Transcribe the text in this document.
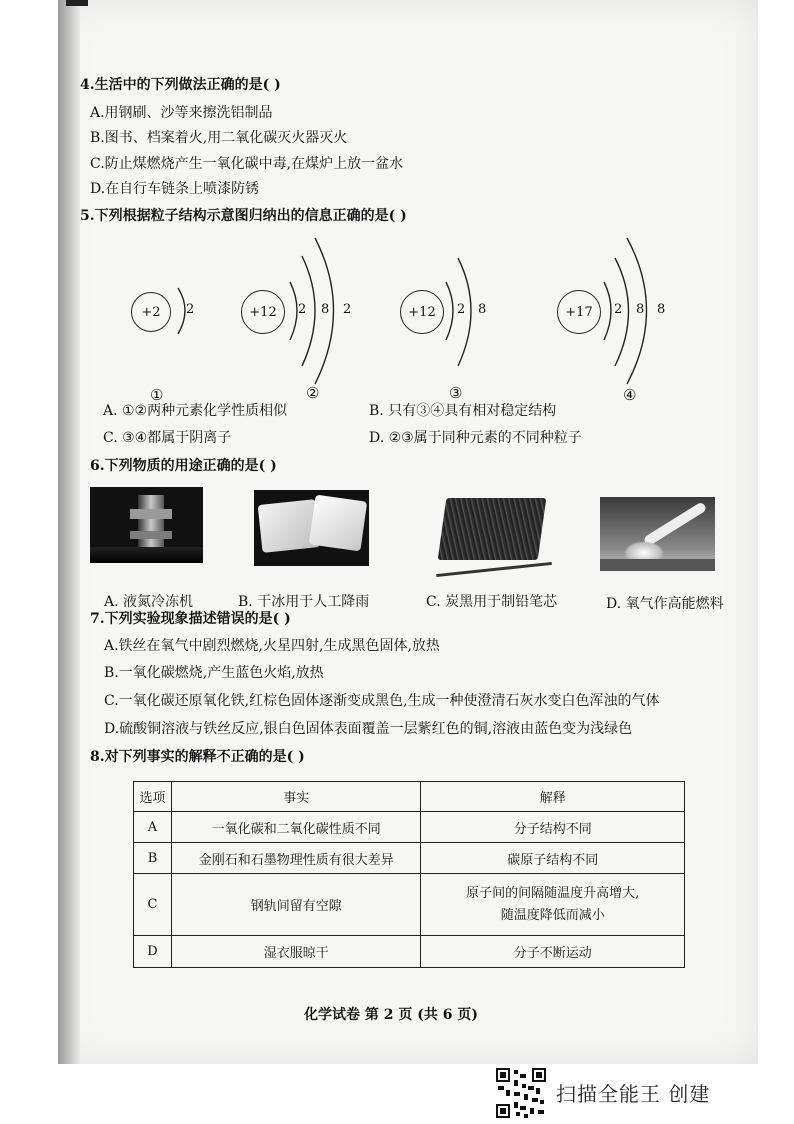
4.生活中的下列做法正确的是( )
A.用钢刷、沙等来擦洗铝制品
B.图书、档案着火,用二氧化碳灭火器灭火
C.防止煤燃烧产生一氧化碳中毒,在煤炉上放一盆水
D.在自行车链条上喷漆防锈
5.下列根据粒子结构示意图归纳出的信息正确的是( )
+2	2
①
+12	2 8 2
②
+12	2 8
③
+17	2 8 8
④
A. ①②两种元素化学性质相似	B. 只有③④具有相对稳定结构
C. ③④都属于阴离子	D. ②③属于同种元素的不同种粒子
6.下列物质的用途正确的是( )
A. 液氮冷冻机	B. 干冰用于人工降雨	C. 炭黑用于制铅笔芯	D. 氧气作高能燃料
7.下列实验现象描述错误的是( )
A.铁丝在氧气中剧烈燃烧,火星四射,生成黑色固体,放热
B.一氧化碳燃烧,产生蓝色火焰,放热
C.一氧化碳还原氧化铁,红棕色固体逐渐变成黑色,生成一种使澄清石灰水变白色浑浊的气体
D.硫酸铜溶液与铁丝反应,银白色固体表面覆盖一层紫红色的铜,溶液由蓝色变为浅绿色
8.对下列事实的解释不正确的是( )
选项	事实	解释
A	一氧化碳和二氧化碳性质不同	分子结构不同
B	金刚石和石墨物理性质有很大差异	碳原子结构不同
C	钢轨间留有空隙	原子间的间隔随温度升高增大,
随温度降低而减小

D	湿衣服晾干	分子不断运动
化学试卷 第 2 页 (共 6 页)
扫描全能王 创建
